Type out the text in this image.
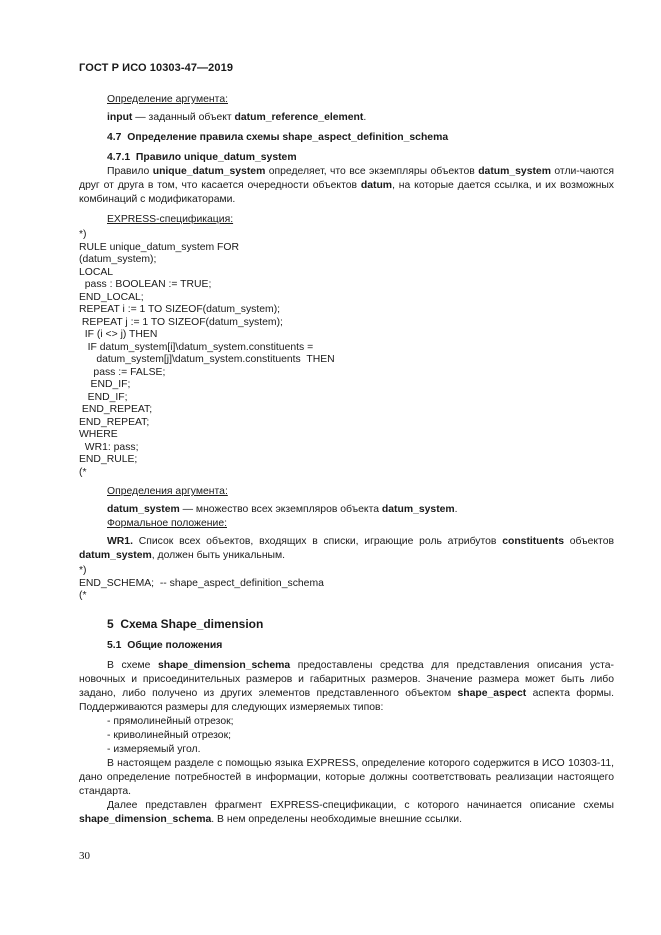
ГОСТ Р ИСО 10303-47—2019
Определение аргумента:
input — заданный объект datum_reference_element.
4.7 Определение правила схемы shape_aspect_definition_schema
4.7.1 Правило unique_datum_system
Правило unique_datum_system определяет, что все экземпляры объектов datum_system отли-чаются друг от друга в том, что касается очередности объектов datum, на которые дается ссылка, и их возможных комбинаций с модификаторами.
EXPRESS-спецификация:
*)
RULE unique_datum_system FOR
(datum_system);
LOCAL
pass : BOOLEAN := TRUE;
END_LOCAL;
REPEAT i := 1 TO SIZEOF(datum_system);
REPEAT j := 1 TO SIZEOF(datum_system);
IF (i <> j) THEN
IF datum_system[i]\datum_system.constituents =
datum_system[j]\datum_system.constituents  THEN
pass := FALSE;
END_IF;
END_IF;
END_REPEAT;
END_REPEAT;
WHERE
WR1: pass;
END_RULE;
(*
Определения аргумента:
datum_system — множество всех экземпляров объекта datum_system.
Формальное положение:
WR1. Список всех объектов, входящих в списки, играющие роль атрибутов constituents объектов datum_system, должен быть уникальным.
*)
END_SCHEMA;  -- shape_aspect_definition_schema
(*
5 Схема Shape_dimension
5.1 Общие положения
В схеме shape_dimension_schema предоставлены средства для представления описания уста-новочных и присоединительных размеров и габаритных размеров. Значение размера может быть либо задано, либо получено из других элементов представленного объектом shape_aspect аспекта формы. Поддерживаются размеры для следующих измеряемых типов:
- прямолинейный отрезок;
- криволинейный отрезок;
- измеряемый угол.
В настоящем разделе с помощью языка EXPRESS, определение которого содержится в ИСО 10303-11, дано определение потребностей в информации, которые должны соответствовать реализации настоящего стандарта.
Далее представлен фрагмент EXPRESS-спецификации, с которого начинается описание схемы shape_dimension_schema. В нем определены необходимые внешние ссылки.
30
